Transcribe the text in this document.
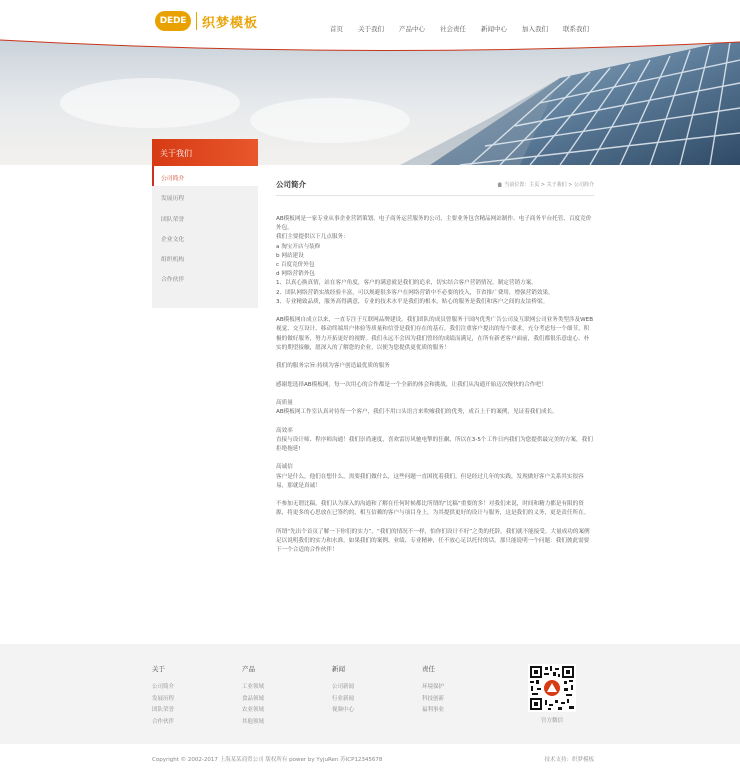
DEDE	织梦模板	首页 关于我们 产品中心 社会责任 新闻中心 加入我们 联系我们
关于我们
公司简介
发展历程
团队荣誉
企业文化
组织机构
合作伙伴
公司简介	当前位置：主页 > 关于我们 > 公司简介

AB模板网是一家专业从事企业营销策划、电子商务运营服务的公司，主要业务包含精品网站制作、电子商务平台托管、百度竞价外包。

我们主要提供以下几点服务：

a 淘宝开店与装修

b 网站建设

c 百度竞价外包

d 网络营销外包

1、以真心换真情，站在客户角度，客户的满意就是我们的追求，切实结合客户营销情况，制定营销方案。

2、团队网络营销实战经验丰富，可以规避很多客户在网络营销中不必要的投入，节省推广费用，增强营销效果。

3、专业精致品质，服务高得满意，专业的技术水平是我们的根本，贴心的服务是我们和客户之间的友谊桥梁。

AB模板网自成立以来，一直专注于互联网品牌建设，我们团队的成员曾服务于国内优秀广告公司及互联网公司业务类型涉及WEB视觉、交互设计、移动终端用户体验等质量和信誉是我们存在的基石。我们注重客户提出的每个要求，充分考虑每一个细节，积极的做好服务，努力开拓更好的视野。我们永远不会因为我们曾经的成绩而满足，在所有新老客户面前，我们都很乐意虚心、朴实的期望接触，愿深入的了解您的企业，以便为您提供更优质的服务！

我们的服务宗旨:持续为客户创造最优质的服务

感谢您选择AB模板网，每一次用心的合作都是一个全新的体会和挑战，让我们从沟通开始迈次慢快的合作吧！

高质量

AB模板网工作室认真对待每一个客户，我们不用口头语言来吹嘘我们的优秀，成百上千的案例，见证着我们成长。

高效率

直接与设计师、程序师沟通！我们崇尚速度，喜欢雷厉风驰电掣的狂飙，所以在3-5个工作日内我们为您提供最完美的方案，我们拒绝拖延!

高诚信

客户是什么，他们在想什么，需要我们做什么，这些问题一直困扰着我们。但是经过几年的实践，发现做好客户关系其实很容易，那就是真诚！

不参加无谓比稿，我们认为深入的沟通和了解在任何时候都比所谓的“比稿”重要的多！对我们来说，时间和精力都是有限的资源，将更多的心思放在已签约的，相互信赖的客户与项目身上，为其提供更好的设计与服务，这是我们的义务，更是责任所在。

所谓“先出个首页了解一下你们的实力”，“我们的情况不一样，怕你们设计不好”之类的托辞，我们就不能接受。大量成功的案例足以说明我们的实力和水准，如果我们的案例、业绩、专业精神，任不放心足以托付的话，那只能说明一个问题：我们彼此需要下一个合适的合作伙伴！

关于
公司简介
发展历程
团队荣誉
合作伙伴
产品
工业领域
食品领域
农业领域
其他领域
新闻
公司新闻
行业新闻
视频中心
责任
环境保护
科技创新
福利事业
官方微信
Copyright © 2002-2017 上海某某商贸公司 版权所有 power by YyjuRen 苏ICP12345678	技术支持：织梦模板
